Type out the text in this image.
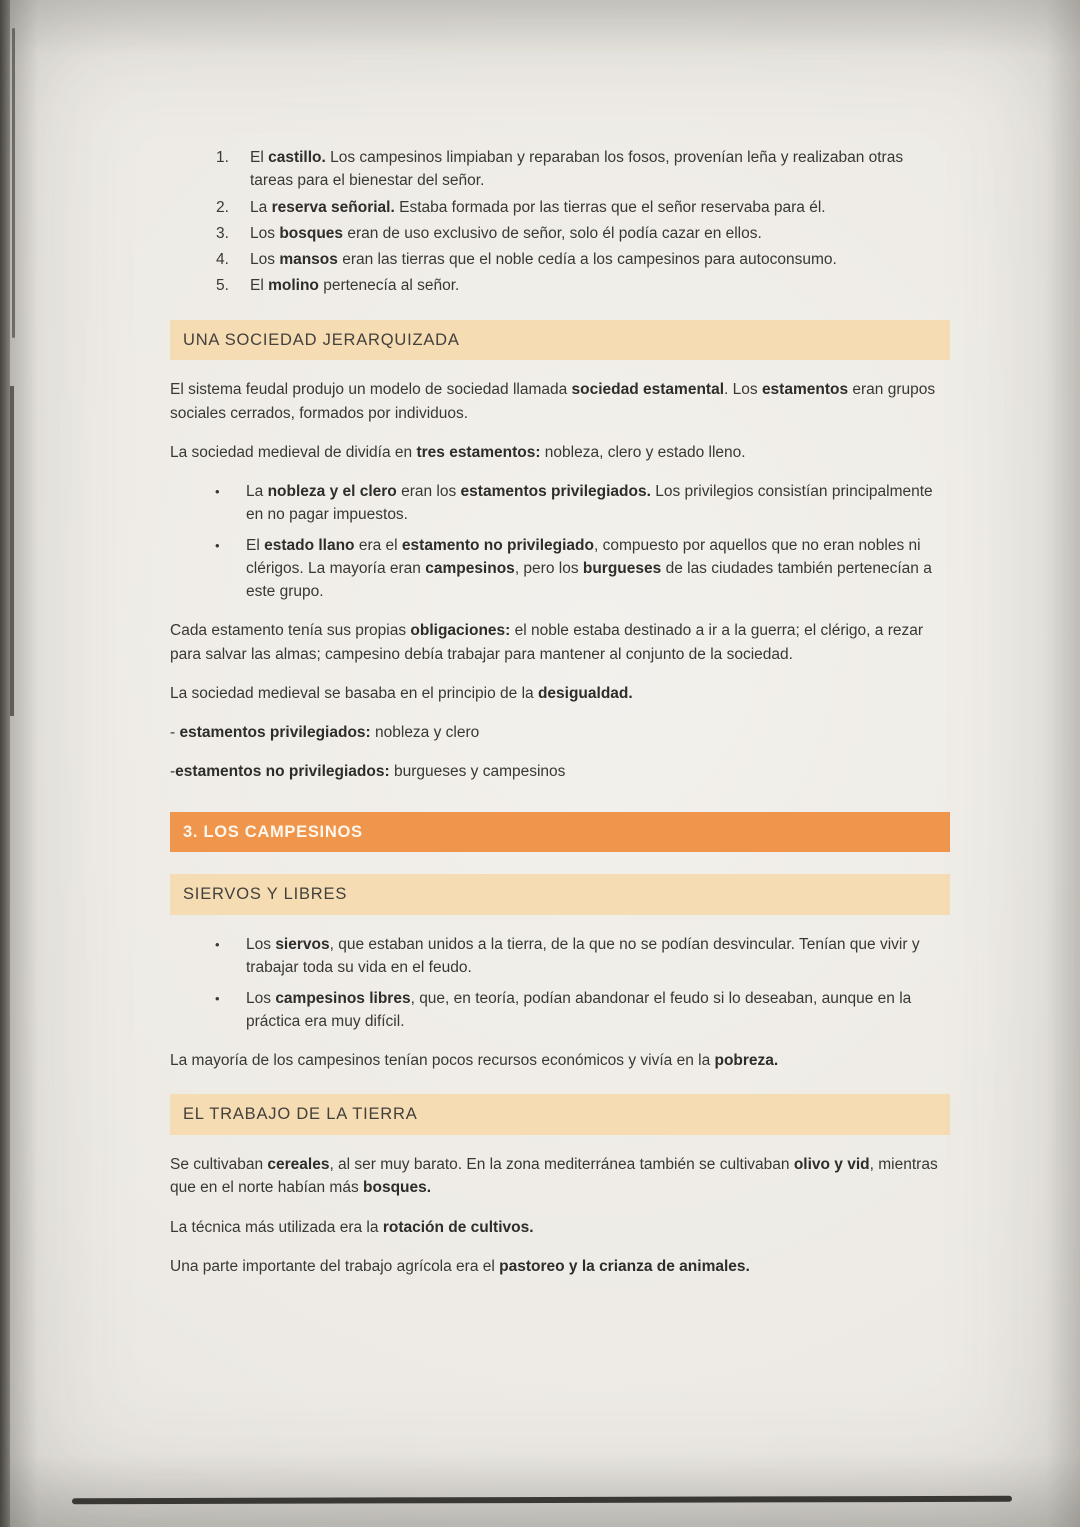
1.	El castillo. Los campesinos limpiaban y reparaban los fosos, provenían leña y realizaban otras tareas para el bienestar del señor.
2.	La reserva señorial. Estaba formada por las tierras que el señor reservaba para él.
3.	Los bosques eran de uso exclusivo de señor, solo él podía cazar en ellos.
4.	Los mansos eran las tierras que el noble cedía a los campesinos para autoconsumo.
5.	El molino pertenecía al señor.
UNA SOCIEDAD JERARQUIZADA

El sistema feudal produjo un modelo de sociedad llamada sociedad estamental. Los estamentos eran grupos sociales cerrados, formados por individuos.

La sociedad medieval de dividía en tres estamentos: nobleza, clero y estado lleno.

•	La nobleza y el clero eran los estamentos privilegiados. Los privilegios consistían principalmente en no pagar impuestos.
•	El estado llano era el estamento no privilegiado, compuesto por aquellos que no eran nobles ni clérigos. La mayoría eran campesinos, pero los burgueses de las ciudades también pertenecían a este grupo.

Cada estamento tenía sus propias obligaciones: el noble estaba destinado a ir a la guerra; el clérigo, a rezar para salvar las almas; campesino debía trabajar para mantener al conjunto de la sociedad.

La sociedad medieval se basaba en el principio de la desigualdad.

- estamentos privilegiados: nobleza y clero

-estamentos no privilegiados: burgueses y campesinos

3. LOS CAMPESINOS
SIERVOS Y LIBRES
•	Los siervos, que estaban unidos a la tierra, de la que no se podían desvincular. Tenían que vivir y trabajar toda su vida en el feudo.
•	Los campesinos libres, que, en teoría, podían abandonar el feudo si lo deseaban, aunque en la práctica era muy difícil.

La mayoría de los campesinos tenían pocos recursos económicos y vivía en la pobreza.

EL TRABAJO DE LA TIERRA

Se cultivaban cereales, al ser muy barato. En la zona mediterránea también se cultivaban olivo y vid, mientras que en el norte habían más bosques.

La técnica más utilizada era la rotación de cultivos.

Una parte importante del trabajo agrícola era el pastoreo y la crianza de animales.
